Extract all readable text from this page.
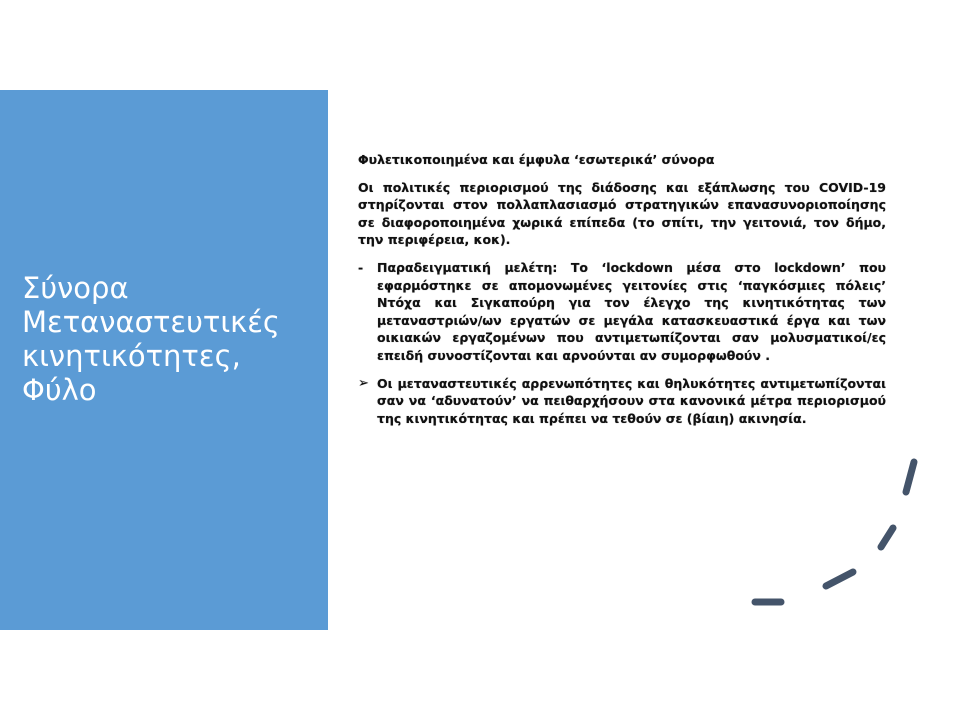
Σύνορα
Μεταναστευτικές
κινητικότητες,
Φύλο

Φυλετικοποιημένα και έμφυλα ‘εσωτερικά’ σύνορα

Οι πολιτικές περιορισμού της διάδοσης και εξάπλωσης του COVID-19 στηρίζονται στον πολλαπλασιασμό στρατηγικών επανασυνοριοποίησης σε διαφοροποιημένα χωρικά επίπεδα (το σπίτι, την γειτονιά, τον δήμο, την περιφέρεια, κοκ).

-	Παραδειγματική μελέτη: Το ‘lockdown μέσα στο lockdown’ που εφαρμόστηκε σε απομονωμένες γειτονίες στις ‘παγκόσμιες πόλεις’ Ντόχα και Σιγκαπούρη για τον έλεγχο της κινητικότητας των μεταναστριών/ων εργατών σε μεγάλα κατασκευαστικά έργα και των οικιακών εργαζομένων που αντιμετωπίζονται σαν μολυσματικοί/ες επειδή συνοστίζονται και αρνούνται αν συμορφωθούν .

➢ Οι μεταναστευτικές αρρενωπότητες και θηλυκότητες αντιμετωπίζονται σαν να ‘αδυνατούν’ να πειθαρχήσουν στα κανονικά μέτρα περιορισμού της κινητικότητας και πρέπει να τεθούν σε (βίαιη) ακινησία.
